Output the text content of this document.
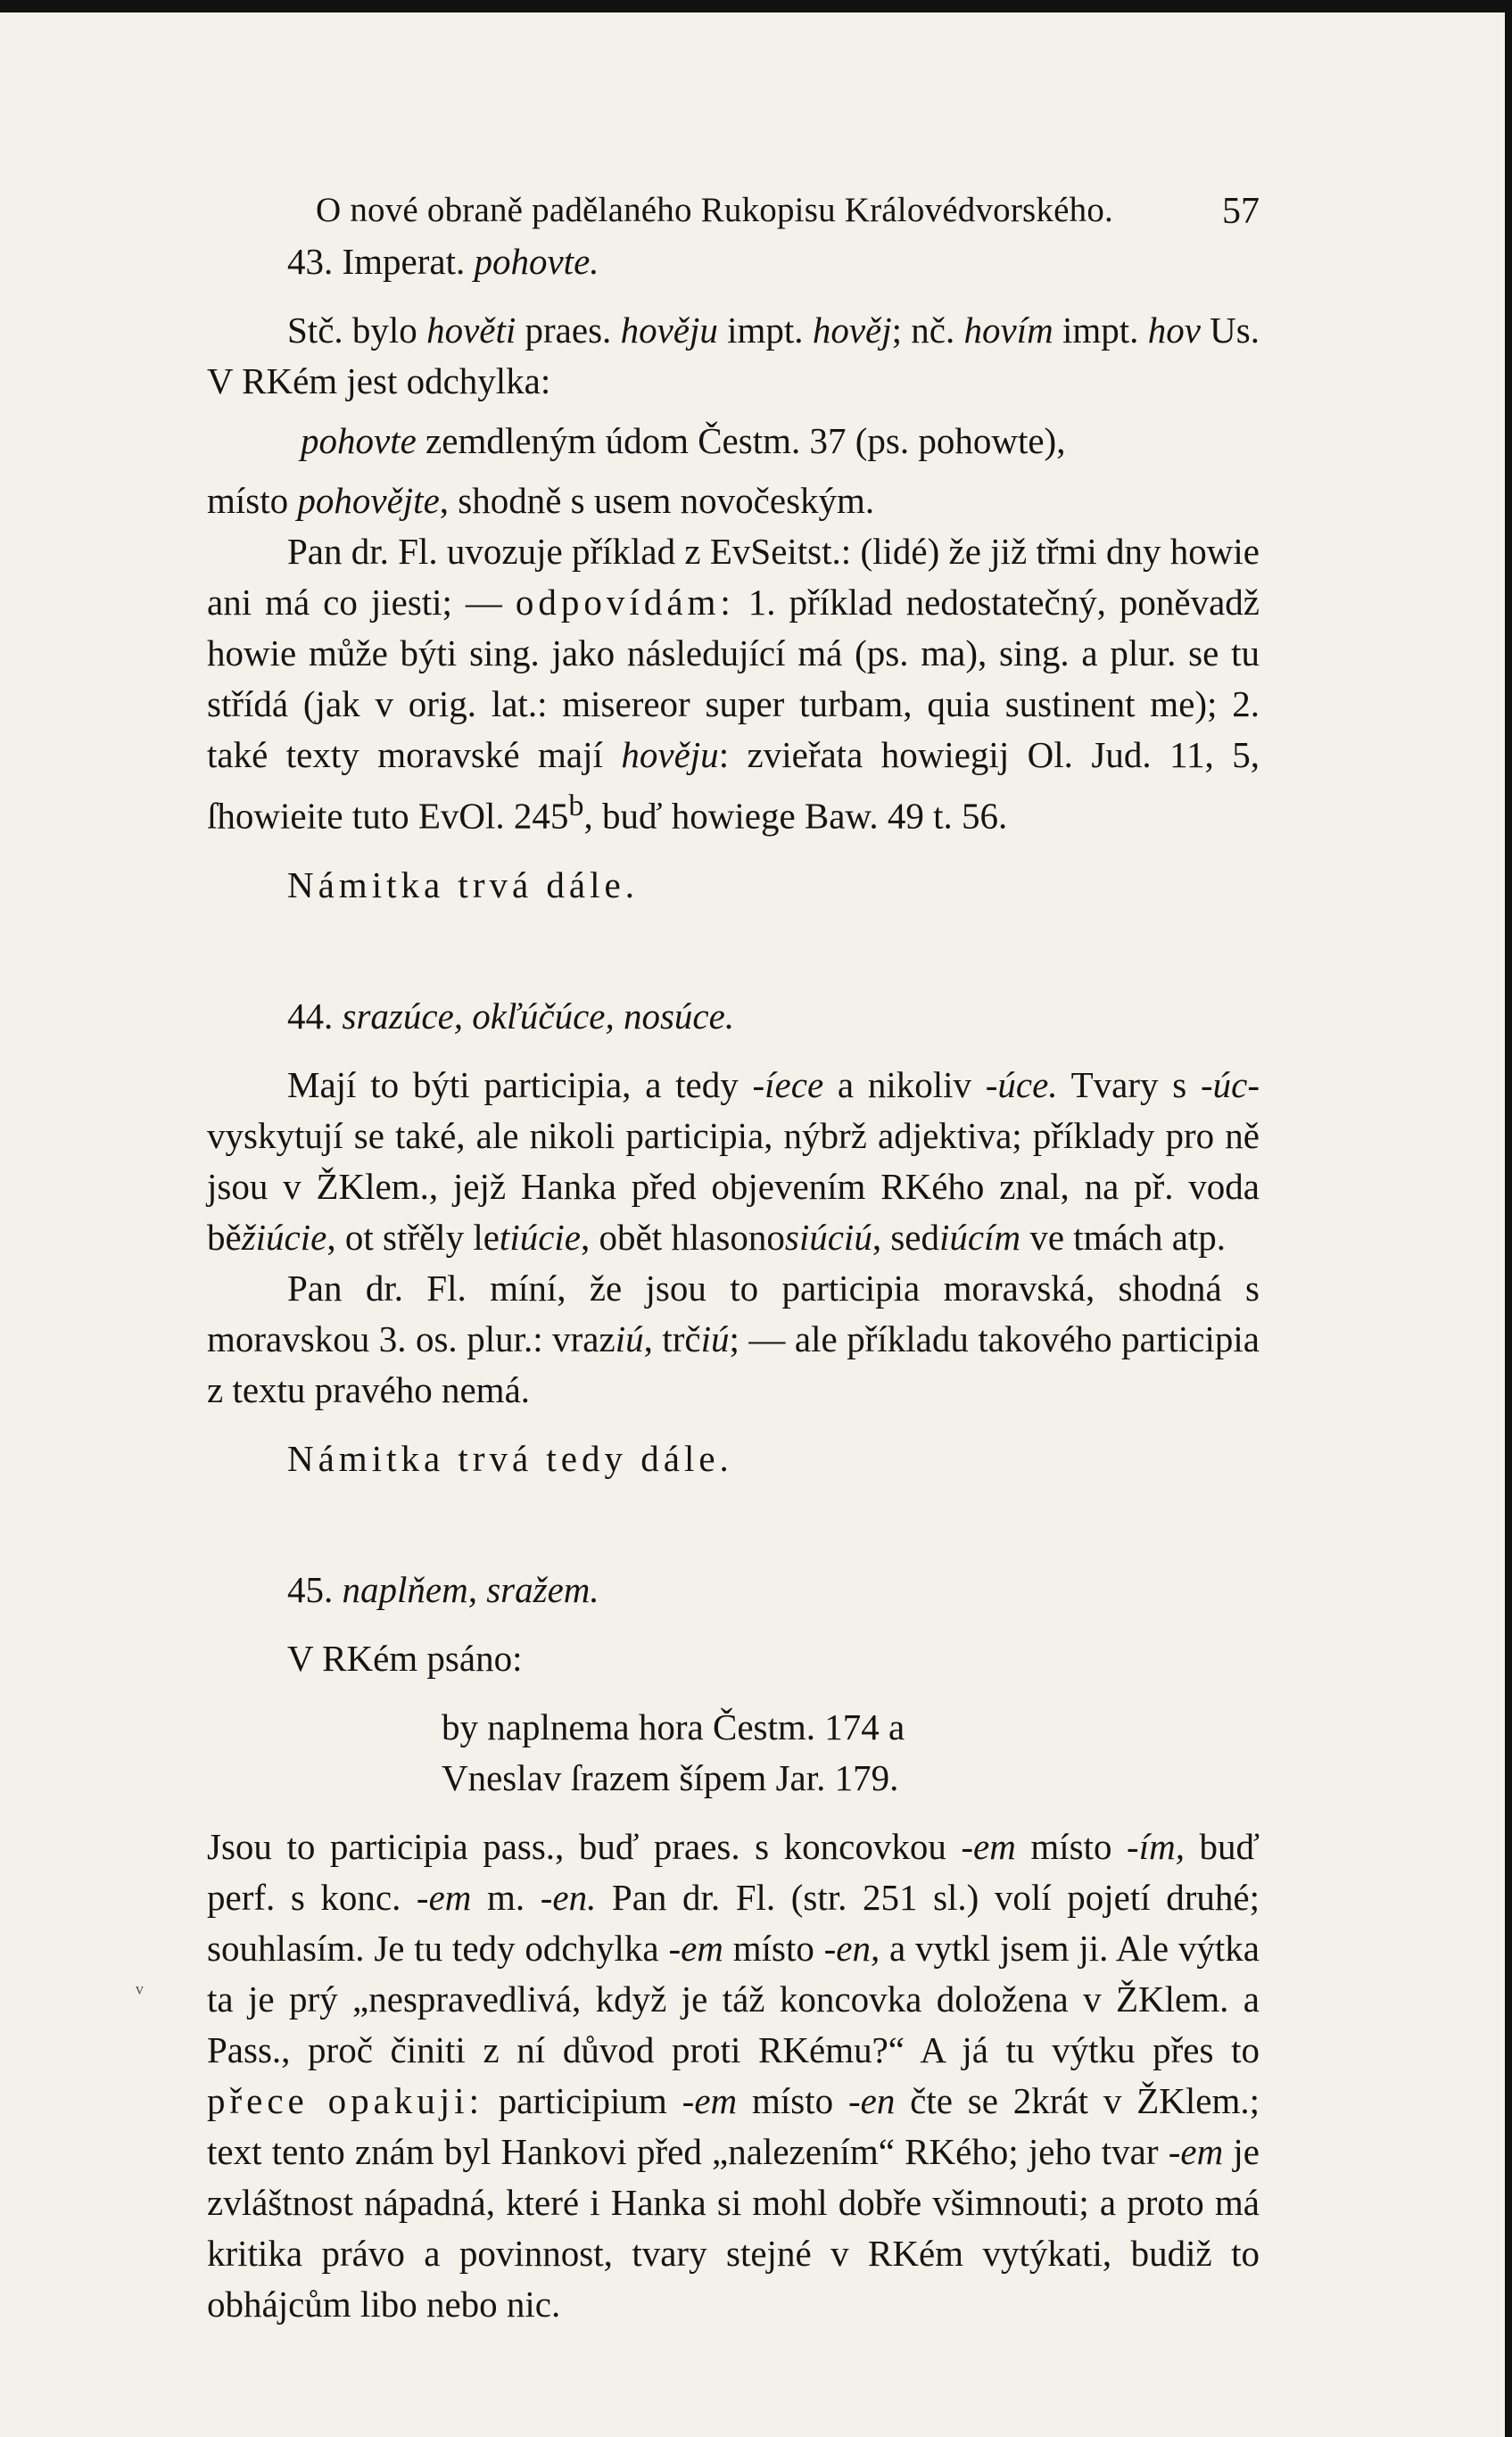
ᵛ
O nové obraně padělaného Rukopisu Královédvorského.	57

43. Imperat. pohovte.

Stč. bylo hověti praes. hověju impt. hověj; nč. hovím impt. hov Us. V RKém jest odchylka:

pohovte zemdleným údom Čestm. 37 (ps. pohowte),

místo pohověјte, shodně s usem novočeským.

Pan dr. Fl. uvozuje příklad z EvSeitst.: (lidé) že již třmi dny howie ani má co jiesti; — odpovídám: 1. příklad nedostatečný, poněvadž howie může býti sing. jako následující má (ps. ma), sing. a plur. se tu střídá (jak v orig. lat.: misereor super turbam, quia sustinent me); 2. také texty moravské mají hověju: zvieřata howiegij Ol. Jud. 11, 5, ſhowieite tuto EvOl. 245$^b$, buď howiege Baw. 49 t. 56.

Námitka trvá dále.

44. srazúce, okľúčúce, nosúce.

Mají to býti participia, a tedy -íece a nikoliv -úce. Tvary s -úc- vyskytují se také, ale nikoli participia, nýbrž adjektiva; příklady pro ně jsou v ŽKlem., jejž Hanka před objevením RKého znal, na př. voda běžiúcie, ot střěly letiúcie, obět hlasonosiúciú, sediúcím ve tmách atp.

Pan dr. Fl. míní, že jsou to participia moravská, shodná s moravskou 3. os. plur.: vraziú, trčiú; — ale příkladu takového participia z textu pravého nemá.

Námitka trvá tedy dále.

45. naplňem, sražem.

V RKém psáno:

by naplnema hora Čestm. 174 a

Vneslav ſrazem šípem Jar. 179.

Jsou to participia pass., buď praes. s koncovkou -em místo -ím, buď perf. s konc. -em m. -en. Pan dr. Fl. (str. 251 sl.) volí pojetí druhé; souhlasím. Je tu tedy odchylka -em místo -en, a vytkl jsem ji. Ale výtka ta je prý „nespravedlivá, když je táž koncovka doložena v ŽKlem. a Pass., proč činiti z ní důvod proti RKému?“ A já tu výtku přes to přece opakuji: participium -em místo -en čte se 2krát v ŽKlem.; text tento znám byl Hankovi před „nalezením“ RKého; jeho tvar -em je zvláštnost nápadná, které i Hanka si mohl dobře všimnouti; a proto má kritika právo a povinnost, tvary stejné v RKém vytýkati, budiž to obhájcům libo nebo nic.
